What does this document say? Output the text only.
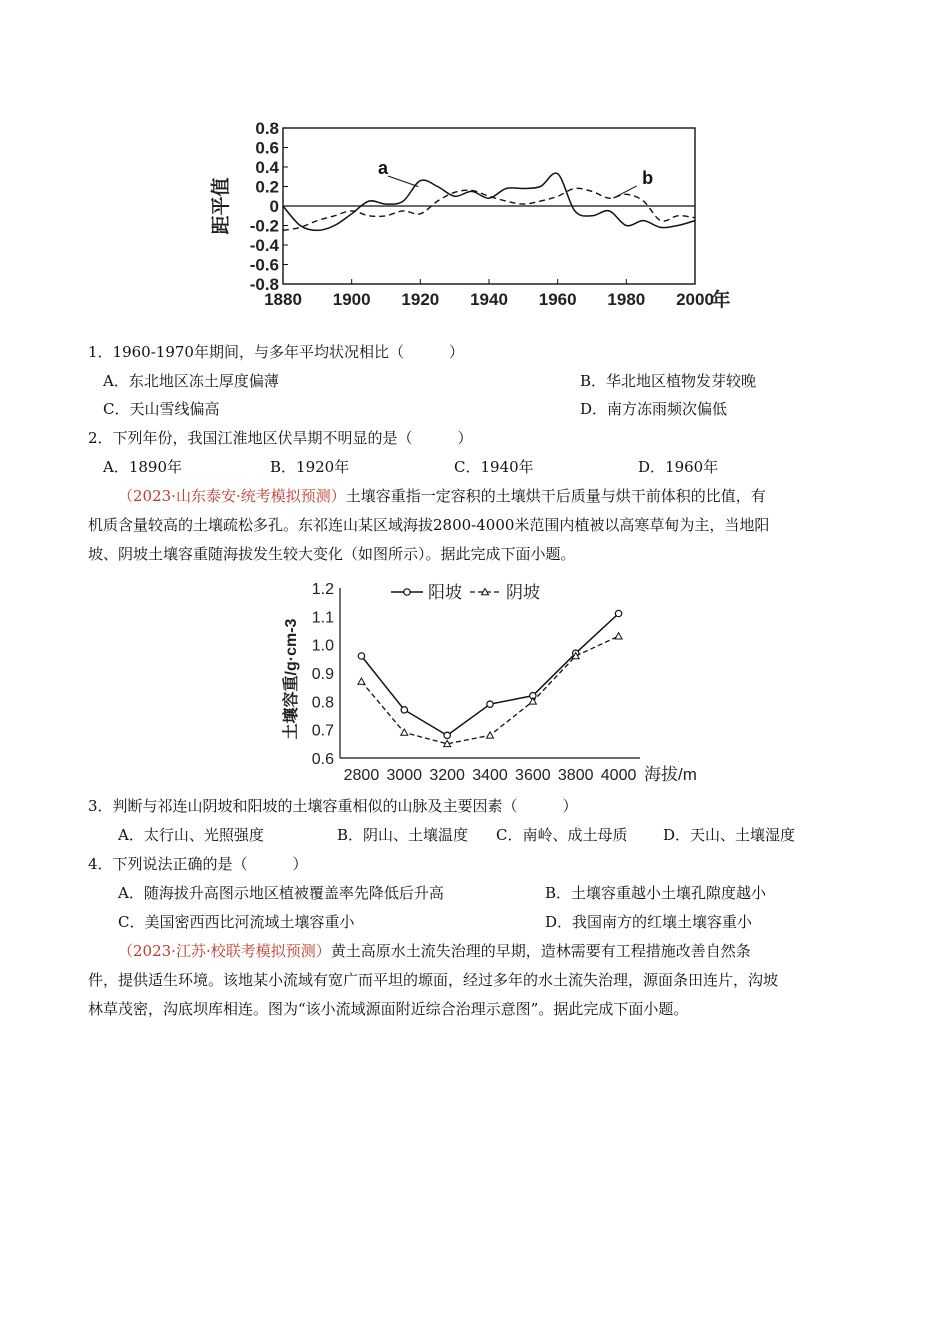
0.8
0.6
0.4
0.2
0
-0.2
-0.4
-0.6
-0.8
1880 1900 1920 1940 1960 1980 2000
年
距平值
a	b
1．1960-1970年期间，与多年平均状况相比（　　　）
A．东北地区冻土厚度偏薄	B．华北地区植物发芽较晚
C．天山雪线偏高	D．南方冻雨频次偏低
2．下列年份，我国江淮地区伏旱期不明显的是（　　　）
A．1890年	B．1920年	C．1940年	D．1960年
（2023·山东泰安·统考模拟预测）土壤容重指一定容积的土壤烘干后质量与烘干前体积的比值，有
机质含量较高的土壤疏松多孔。东祁连山某区域海拔2800-4000米范围内植被以高寒草甸为主，当地阳
坡、阴坡土壤容重随海拔发生较大变化（如图所示）。据此完成下面小题。
1.2
1.1
1.0
0.9
0.8
0.7
0.6
2800 3000 3200 3400 3600 3800 4000 海拔/m
土壤容重/g·cm-3
阳坡	阴坡
3．判断与祁连山阴坡和阳坡的土壤容重相似的山脉及主要因素（　　　）
A．太行山、光照强度	B．阴山、土壤温度 C．南岭、成土母质 D．天山、土壤湿度
4．下列说法正确的是（　　　）
A．随海拔升高图示地区植被覆盖率先降低后升高	B．土壤容重越小土壤孔隙度越小
C．美国密西西比河流域土壤容重小	D．我国南方的红壤土壤容重小
（2023·江苏·校联考模拟预测）黄土高原水土流失治理的早期，造林需要有工程措施改善自然条
件，提供适生环境。该地某小流域有宽广而平坦的塬面，经过多年的水土流失治理，源面条田连片，沟坡
林草茂密，沟底坝库相连。图为“该小流域源面附近综合治理示意图”。据此完成下面小题。
